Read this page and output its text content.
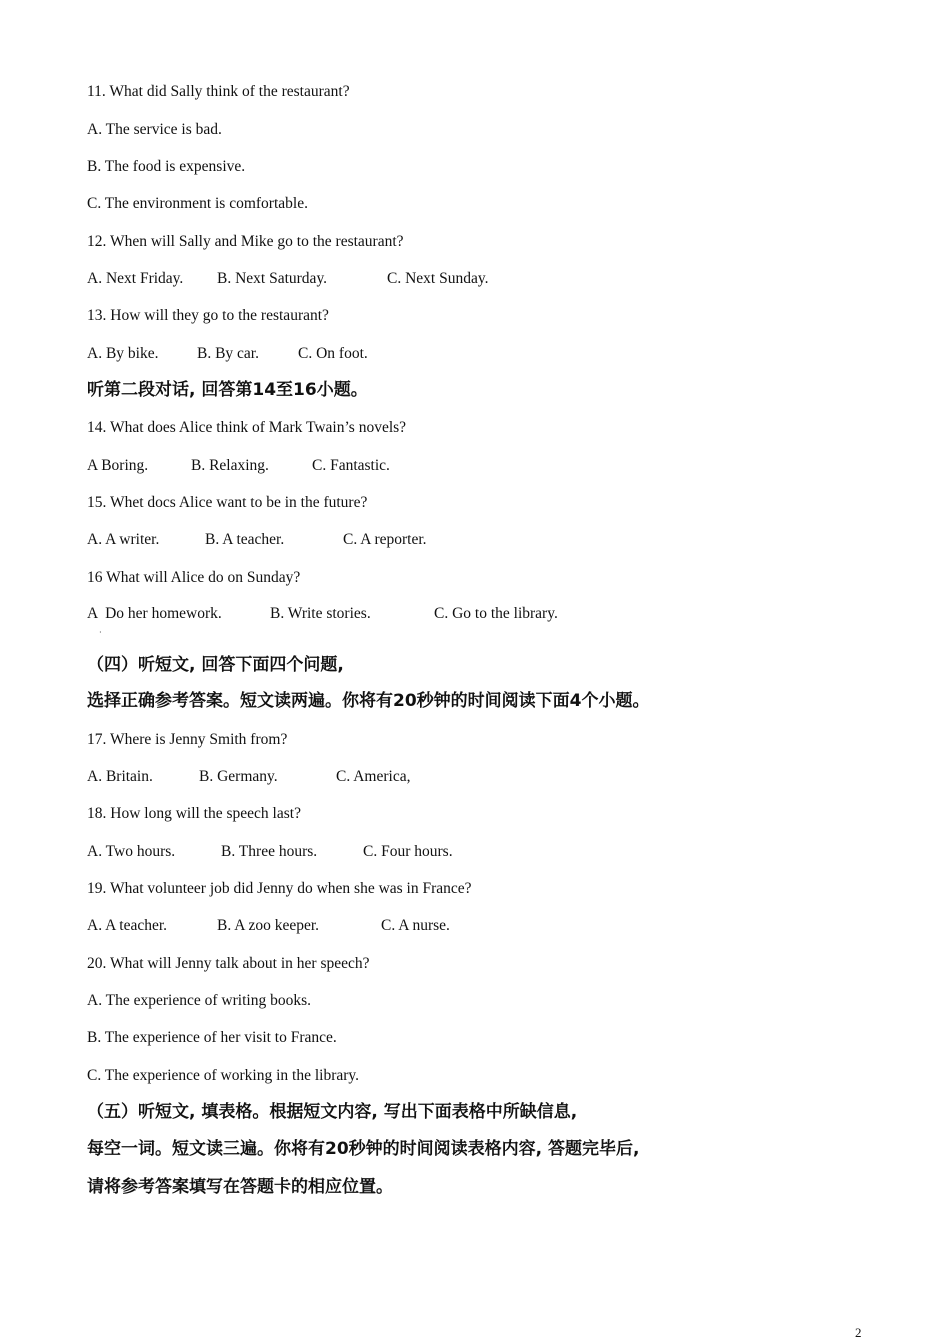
11. What did Sally think of the restaurant?
A. The service is bad.
B. The food is expensive.
C. The environment is comfortable.
12. When will Sally and Mike go to the restaurant?
A. Next Friday. B. Next Saturday.	C. Next Sunday.
13. How will they go to the restaurant?
A. By bike. B. By car.	C. On foot.
听第二段对话, 回答第14至16小题。
14. What does Alice think of Mark Twain’s novels?
A Boring.	B. Relaxing.	C. Fantastic.
15. Whet docs Alice want to be in the future?
A. A writer.	B. A teacher.	C. A reporter.
16 What will Alice do on Sunday?
A  Do her homework.	B. Write stories.	C. Go to the library.
·
（四）听短文, 回答下面四个问题,
选择正确参考答案。短文读两遍。你将有20秒钟的时间阅读下面4个小题。
17. Where is Jenny Smith from?
A. Britain.	B. Germany.	C. America,
18. How long will the speech last?
A. Two hours.	B. Three hours.	C. Four hours.
19. What volunteer job did Jenny do when she was in France?
A. A teacher.	B. A zoo keeper.	C. A nurse.
20. What will Jenny talk about in her speech?
A. The experience of writing books.
B. The experience of her visit to France.
C. The experience of working in the library.
（五）听短文, 填表格。根据短文内容, 写出下面表格中所缺信息,
每空一词。短文读三遍。你将有20秒钟的时间阅读表格内容, 答题完毕后,
请将参考答案填写在答题卡的相应位置。
2
